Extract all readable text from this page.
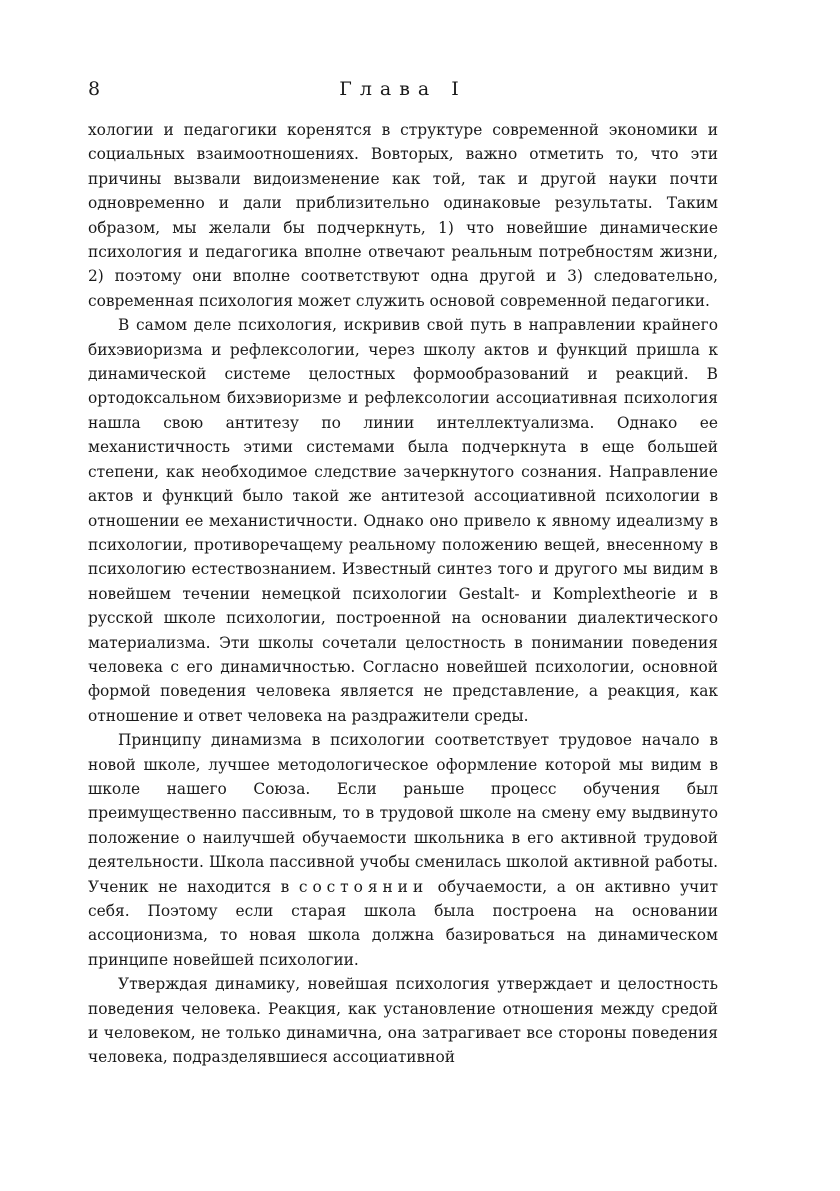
8	Глава I

хологии и педагогики коренятся в структуре современной экономики и социальных взаимоотношениях. Вовторых, важно отметить то, что эти причины вызвали видоизменение как той, так и другой науки почти одновременно и дали приблизительно одинаковые результаты. Таким образом, мы желали бы подчеркнуть, 1) что новейшие динамические психология и педагогика вполне отвечают реальным потребностям жизни, 2) поэтому они вполне соответствуют одна другой и 3) следовательно, современная психология может служить основой современной педагогики.

В самом деле психология, искривив свой путь в направлении крайнего бихэвиоризма и рефлексологии, через школу актов и функций пришла к динамической системе целостных формообразований и реакций. В ортодоксальном бихэвиоризме и рефлексологии ассоциативная психология нашла свою антитезу по линии интеллектуализма. Однако ее механистичность этими системами была подчеркнута в еще большей степени, как необходимое следствие зачеркнутого сознания. Направление актов и функций было такой же антитезой ассоциативной психологии в отношении ее механистичности. Однако оно привело к явному идеализму в психологии, противоречащему реальному положению вещей, внесенному в психологию естествознанием. Известный синтез того и другого мы видим в новейшем течении немецкой психологии Gestalt- и Komplextheorie и в русской школе психологии, построенной на основании диалектического материализма. Эти школы сочетали целостность в понимании поведения человека с его динамичностью. Согласно новейшей психологии, основной формой поведения человека является не представление, а реакция, как отношение и ответ человека на раздражители среды.

Принципу динамизма в психологии соответствует трудовое начало в новой школе, лучшее методологическое оформление которой мы видим в школе нашего Союза. Если раньше процесс обучения был преимущественно пассивным, то в трудовой школе на смену ему выдвинуто положение о наилучшей обучаемости школьника в его активной трудовой деятельности. Школа пассивной учобы сменилась школой активной работы. Ученик не находится в состоянии обучаемости, а он активно учит себя. Поэтому если старая школа была построена на основании ассоционизма, то новая школа должна базироваться на динамическом принципе новейшей психологии.

Утверждая динамику, новейшая психология утверждает и целостность поведения человека. Реакция, как установление отношения между средой и человеком, не только динамична, она затрагивает все стороны поведения человека, подразделявшиеся ассоциативной
